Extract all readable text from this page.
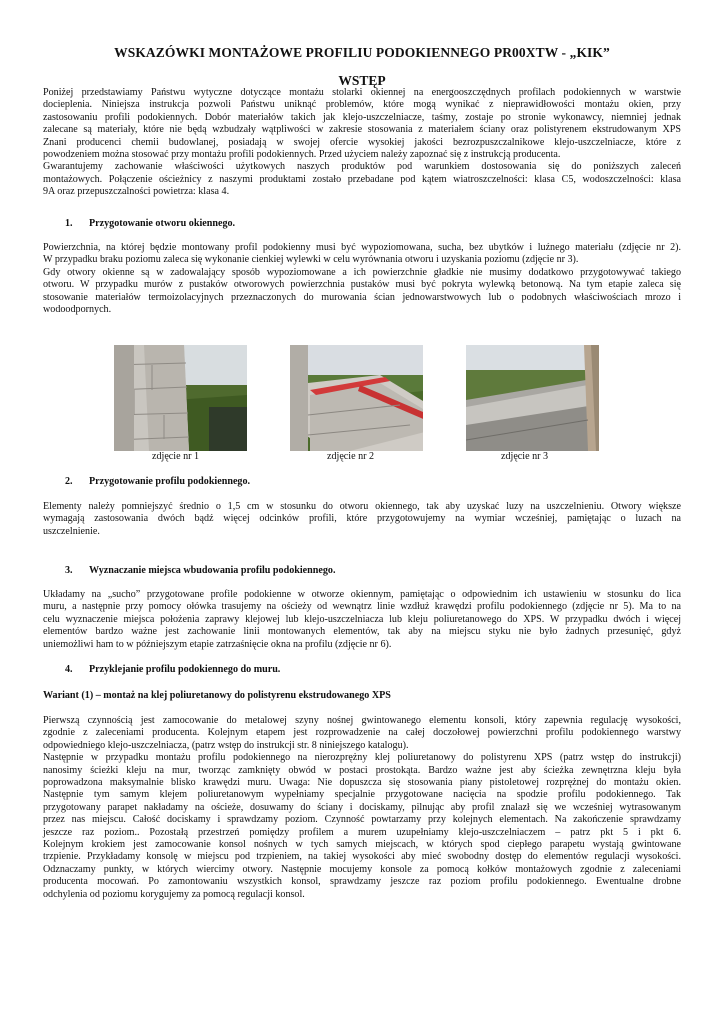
WSKAZÓWKI MONTAŻOWE PROFILIU PODOKIENNEGO PR00XTW - „KIK”
WSTĘP
Poniżej przedstawiamy Państwu wytyczne dotyczące montażu stolarki okiennej na energooszczędnych profilach podokiennych w warstwie
docieplenia. Niniejsza instrukcja pozwoli Państwu uniknąć problemów, które mogą wynikać z nieprawidłowości montażu okien, przy
zastosowaniu profili podokiennych. Dobór materiałów takich jak klejo-uszczelniacze, taśmy, zostaje po stronie wykonawcy, niemniej jednak
zalecane są materiały, które nie będą wzbudzały wątpliwości w zakresie stosowania z materiałem ściany oraz polistyrenem ekstrudowanym XPS
Znani producenci chemii budowlanej, posiadają w swojej ofercie wysokiej jakości bezrozpuszczalnikowe klejo-uszczelniacze, które z
powodzeniem można stosować przy montażu profili podokiennych. Przed użyciem należy zapoznać się z instrukcją producenta.
Gwarantujemy zachowanie właściwości użytkowych naszych produktów pod warunkiem dostosowania się do poniższych zaleceń
montażowych. Połączenie ościeżnicy z naszymi produktami zostało przebadane pod kątem wiatroszczelności: klasa C5, wodoszczelności: klasa
9A oraz przepuszczalności powietrza: klasa 4.
1. Przygotowanie otworu okiennego.
Powierzchnia, na której będzie montowany profil podokienny musi być wypoziomowana, sucha, bez ubytków i luźnego materiału (zdjęcie nr 2).
W przypadku braku poziomu zaleca się wykonanie cienkiej wylewki w celu wyrównania otworu i uzyskania poziomu (zdjęcie nr 3).
Gdy otwory okienne są w zadowalający sposób wypoziomowane a ich powierzchnie gładkie nie musimy dodatkowo przygotowywać takiego
otworu. W przypadku murów z pustaków otworowych powierzchnia pustaków musi być pokryta wylewką betonową. Na tym etapie zaleca się
stosowanie materiałów termoizolacyjnych przeznaczonych do murowania ścian jednowarstwowych lub o podobnych właściwościach mrozo i
wodoodpornych.
zdjęcie nr 1	zdjęcie nr 2	zdjęcie nr 3
2. Przygotowanie profilu podokiennego.
Elementy należy pomniejszyć średnio o 1,5 cm w stosunku do otworu okiennego, tak aby uzyskać luzy na uszczelnieniu. Otwory większe
wymagają zastosowania dwóch bądź więcej odcinków profili, które przygotowujemy na wymiar wcześniej, pamiętając o luzach na
uszczelnienie.
3. Wyznaczanie miejsca wbudowania profilu podokiennego.
Układamy na „sucho” przygotowane profile podokienne w otworze okiennym, pamiętając o odpowiednim ich ustawieniu w stosunku do lica
muru, a następnie przy pomocy ołówka trasujemy na ościeży od wewnątrz linie wzdłuż krawędzi profilu podokiennego (zdjęcie nr 5). Ma to na
celu wyznaczenie miejsca położenia zaprawy klejowej lub klejo-uszczelniacza lub kleju poliuretanowego do XPS. W przypadku dwóch i więcej
elementów bardzo ważne jest zachowanie linii montowanych elementów, tak aby na miejscu styku nie było żadnych przesunięć, gdyż
uniemożliwi ham to w późniejszym etapie zatrzaśnięcie okna na profilu (zdjęcie nr 6).
4. Przyklejanie profilu podokiennego do muru.
Wariant (1) – montaż na klej poliuretanowy do polistyrenu ekstrudowanego XPS
Pierwszą czynnością jest zamocowanie do metalowej szyny nośnej gwintowanego elementu konsoli, który zapewnia regulację wysokości,
zgodnie z zaleceniami producenta. Kolejnym etapem jest rozprowadzenie na całej doczołowej powierzchni profilu podokiennego warstwy
odpowiedniego klejo-uszczelniacza, (patrz wstęp do instrukcji str. 8 niniejszego katalogu).
Następnie w przypadku montażu profilu podokiennego na nierozprężny klej poliuretanowy do polistyrenu XPS (patrz wstęp do instrukcji)
nanosimy ścieżki kleju na mur, tworząc zamknięty obwód w postaci prostokąta. Bardzo ważne jest aby ścieżka zewnętrzna kleju była
poprowadzona maksymalnie blisko krawędzi muru. Uwaga: Nie dopuszcza się stosowania piany pistoletowej rozprężnej do montażu okien.
Następnie tym samym klejem poliuretanowym wypełniamy specjalnie przygotowane nacięcia na spodzie profilu podokiennego. Tak
przygotowany parapet nakładamy na ościeże, dosuwamy do ściany i dociskamy, pilnując aby profil znalazł się we wcześniej wytrasowanym
przez nas miejscu. Całość dociskamy i sprawdzamy poziom. Czynność powtarzamy przy kolejnych elementach. Na zakończenie sprawdzamy
jeszcze raz poziom.. Pozostałą przestrzeń pomiędzy profilem a murem uzupełniamy klejo-uszczelniaczem – patrz pkt 5 i pkt 6.
Kolejnym krokiem jest zamocowanie konsol nośnych w tych samych miejscach, w których spod ciepłego parapetu wystają gwintowane
trzpienie. Przykładamy konsolę w miejscu pod trzpieniem, na takiej wysokości aby mieć swobodny dostęp do elementów regulacji wysokości.
Odznaczamy punkty, w których wiercimy otwory. Następnie mocujemy konsole za pomocą kołków montażowych zgodnie z zaleceniami
producenta mocowań. Po zamontowaniu wszystkich konsol, sprawdzamy jeszcze raz poziom profilu podokiennego. Ewentualne drobne
odchylenia od poziomu korygujemy za pomocą regulacji konsol.
